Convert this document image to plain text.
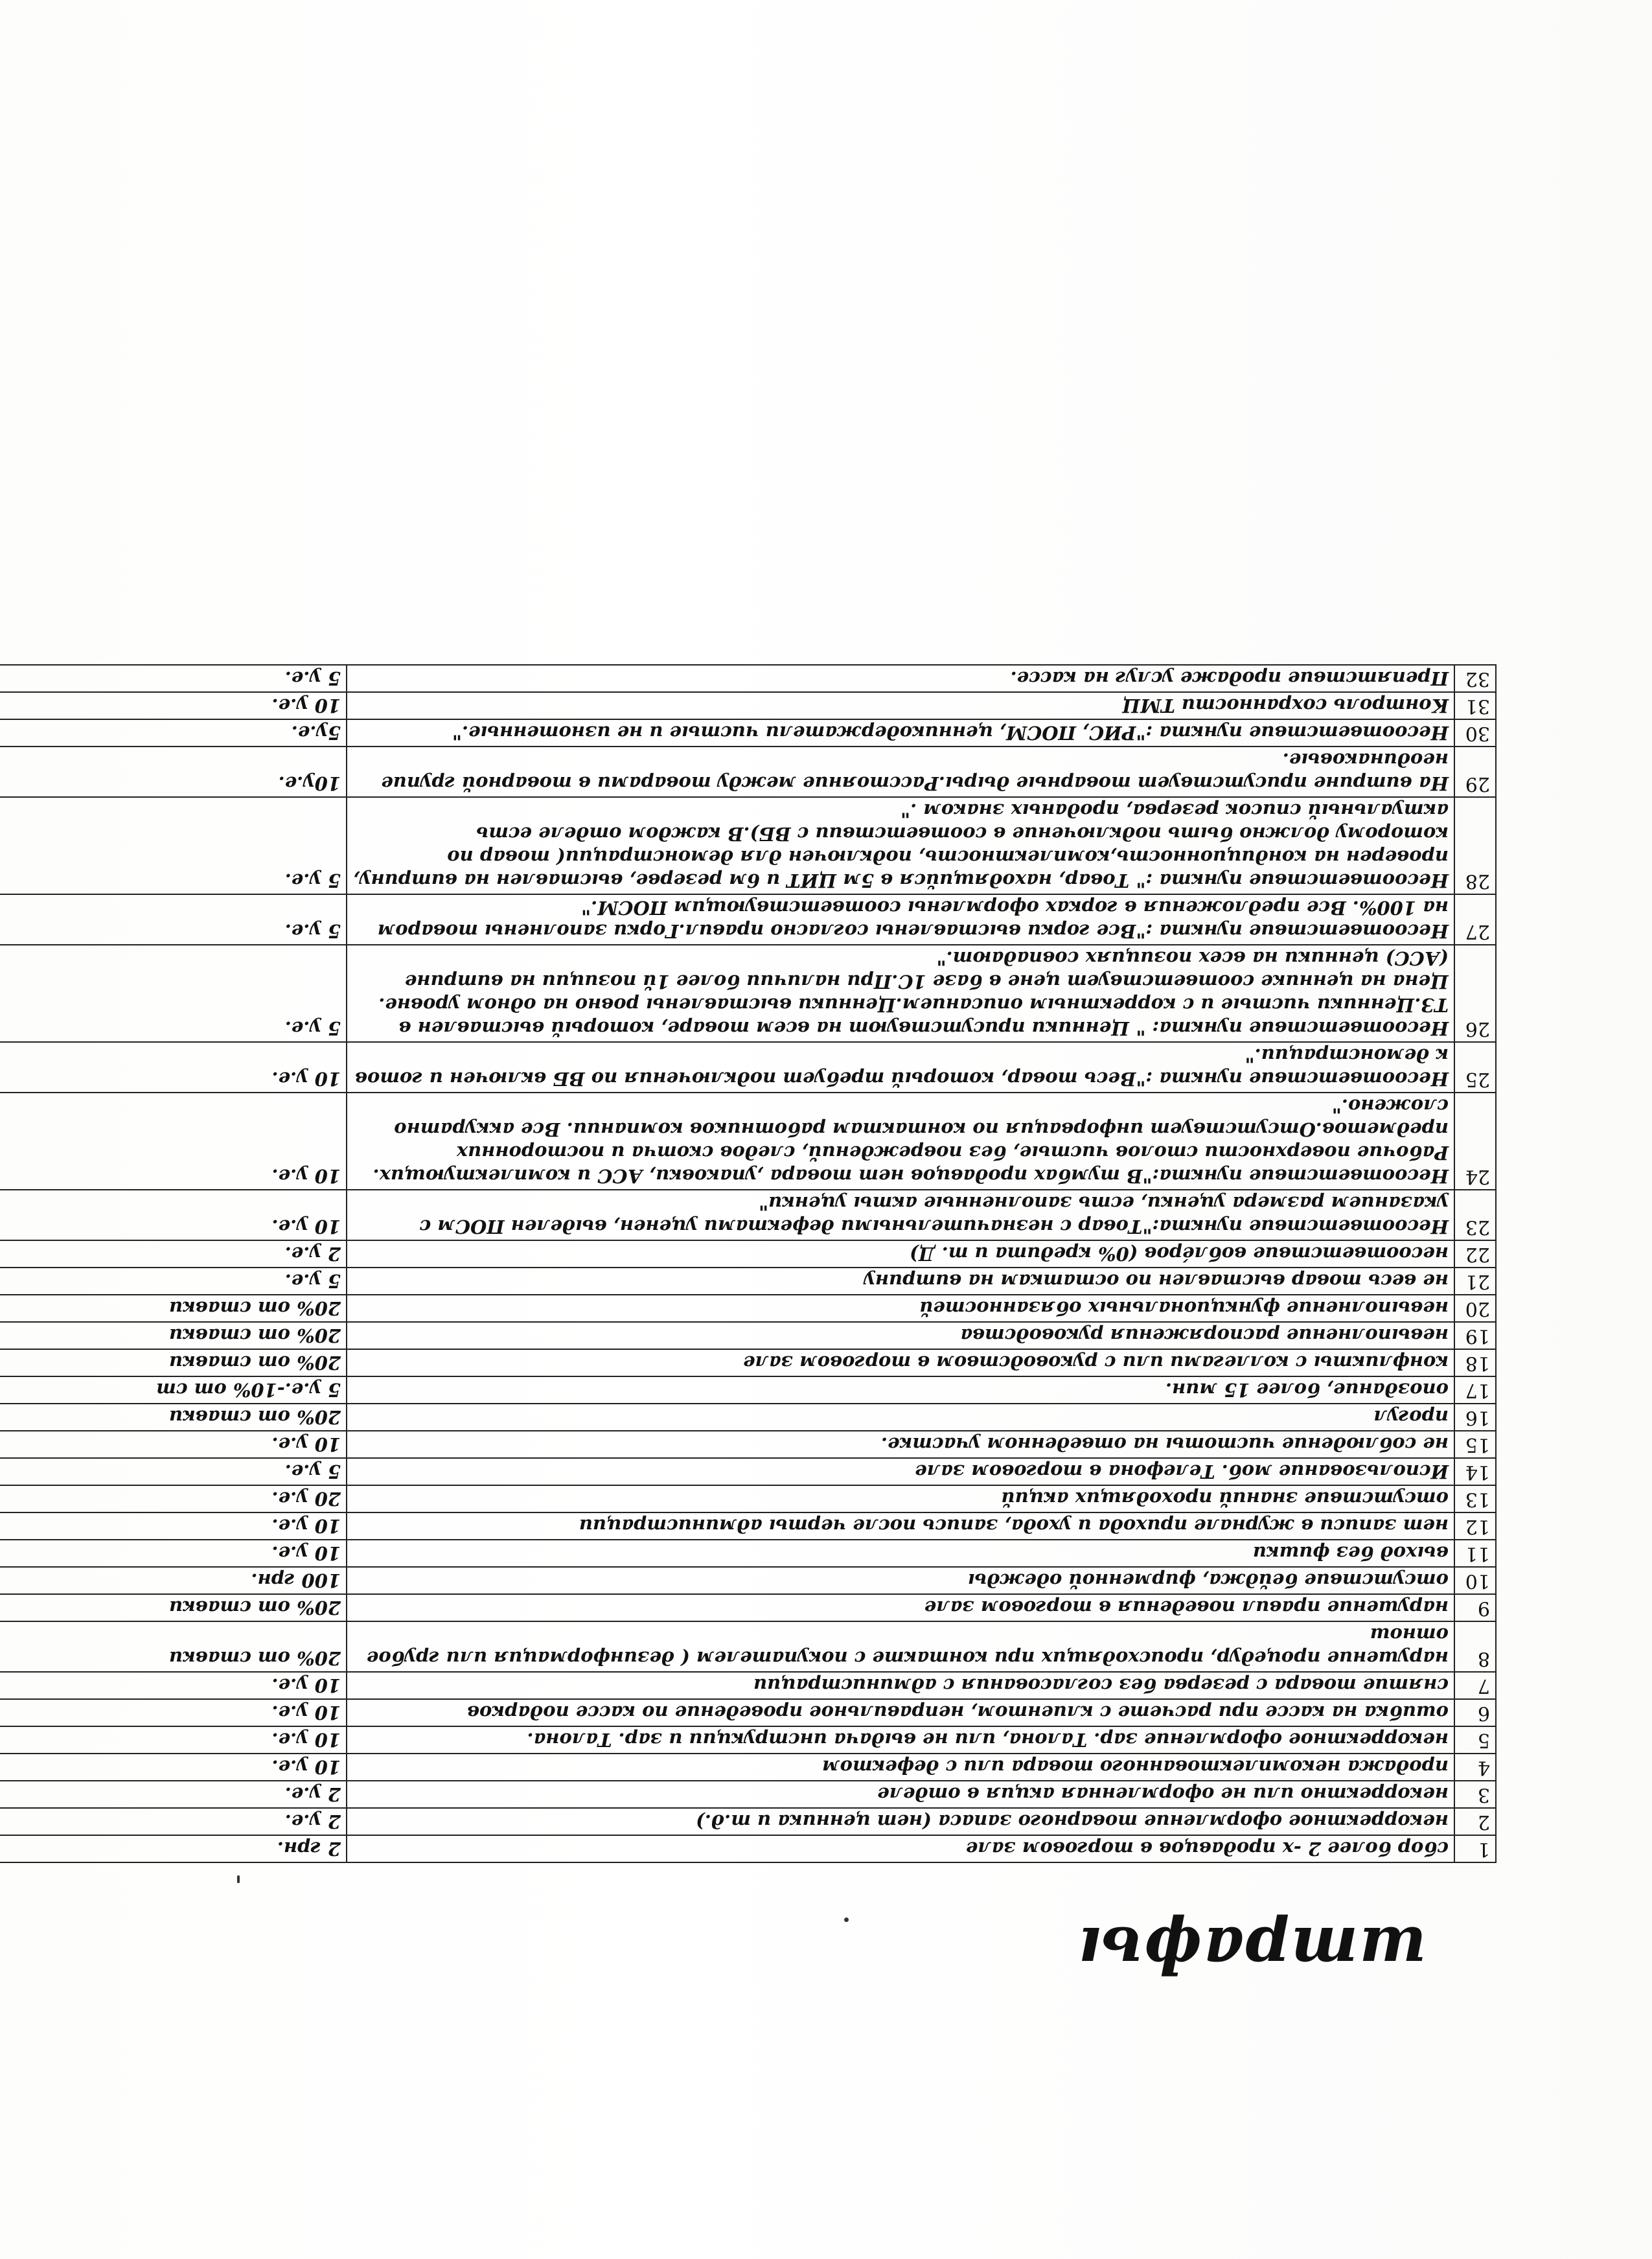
штрафы
1	сбор более 2 -х продавцов в торговом зале	2 грн.
2	некорректное оформление товарного запаса (нет ценника и т.д.)	2 у.е.
3	некорректно или не оформленная акция в отделе	2 у.е.
4	продажа некомплектованного товара или с дефектом	10 у.е.
5	некорректное оформление зар. Талона, или не выдача инструкции и зар. Талона.	10 у.е.
6	ошибка на кассе при расчете с клиентом, неправильное проведение по кассе подарков	10 у.е.
7	снятие товара с резерва без согласования с администрации	10 у.е.
8	нарушение процедур, происходящих при контакте с покупателем ( дезинформация или грубое отнош	20% от ставки
9	нарушение правил поведения в торговом зале	20% от ставки
10	отсутствие бейджа, фирменной одежды	100 грн.
11	выход без фишки	10 у.е.
12	нет записи в журнале прихода и ухода, запись после черты администрации	10 у.е.
13	отсутствие знаний проходящих акций	20 у.е.
14	Использование моб. Телефона в торговом зале	5 у.е.
15	не соблюдение чистоты на отведенном участке.	10 у.е.
16	прогул	20% от ставки
17	опоздание, более 15 мин.	5 у.е.-10% от ст
18	конфликты с коллегами или с руководством в торговом зале	20% от ставки
19	невыполнение распоряжения руководства	20% от ставки
20	невыполнение функциональных обязанностей	20% от ставки
21	не весь товар выставлен по остаткам на витрину	5 у.е.
22	несоответствие вобле́ров (0% кредита и т. Д)	2 у.е.
23	Несоответствие пункта:"Товар с незначительными дефектами уценен, выделен ПОСм с указанием размера уценки, есть заполненные акты уценки"	10 у.е.
24	Несоответствие пункта:"В тумбах продавцов нет товара ,упаковки, АСС и комплектующих. Рабочие поверхности столов чистые, без повреждений, следов скотча и посторонних предметов.Отсутствует инфорвация по контактам работников компании. Все аккуратно сложено."	10 у.е.
25	Несоответствие пункта :"Весь товар, который требует подключения по ВБ включен и готов к демонстрации."	10 у.е.
26	Несоответствие пункта: " Ценники присутствуют на всем товаре, который выставлен в ТЗ.Ценники чистые и с корректным описанием.Ценники выставлены ровно на одном уровне. Цена на ценнике соответствует цене в базе 1С.При наличии более 1й позиции на витрине (АСС) ценники на всех позициях совпадают."	5 у.е.
27	Несоответствие пункта :"Все горки выставлены согласно правил.Горки заполнены товаром на 100%. Все предложения в горках оформлены соответствующим ПОСМ."	5 у.е.
28	Несоответствие пункта :" Товар, находящийся в 5м ЦИТ и 6м резерве, выставлен на витрину, проверен на кондиционность,комплектность, подключен для демонстрации( товар по которому должно быть подключение в соответствии с ВБ).В каждом отделе есть актуальный список резерва, проданых знаком ."	5 у.е.
29	На витрине присутствует товарные дыры.Расстояние между товарами в товарной групие неодинаковые.	10у.е.
30	Несоответствие пункта :"РИС, ПОСМ, ценникодержатели чистые и не изнотенные."	5у.е.
31	Контроль сохранности ТМЦ	10 у.е.
32	Препятствие продаже услуг на кассе.	5 у.е.
